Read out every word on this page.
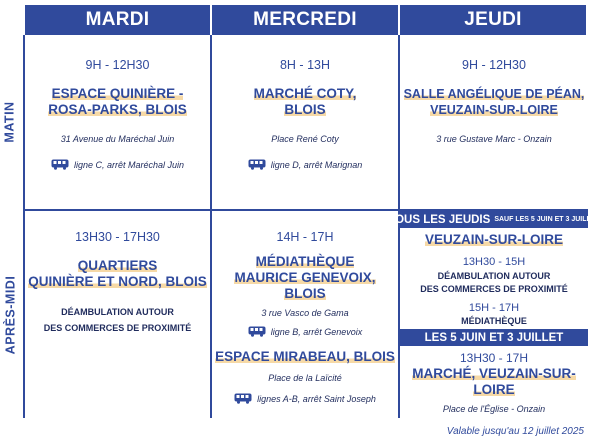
MARDI	MERCREDI	JEUDI
MATIN
APRÈS-MIDI
9H - 12H30
ESPACE QUINIÈRE -
ROSA-PARKS, BLOIS
31 Avenue du Maréchal Juin
ligne C, arrêt Maréchal Juin
8H - 13H
MARCHÉ COTY,
BLOIS
Place René Coty
ligne D, arrêt Marignan
9H - 12H30
SALLE ANGÉLIQUE DE PÉAN,
VEUZAIN-SUR-LOIRE
3 rue Gustave Marc - Onzain
13H30 - 17H30
QUARTIERS
QUINIÈRE ET NORD, BLOIS
DÉAMBULATION AUTOUR
DES COMMERCES DE PROXIMITÉ
14H - 17H
MÉDIATHÈQUE
MAURICE GENEVOIX, BLOIS
3 rue Vasco de Gama
ligne B, arrêt Genevoix
ESPACE MIRABEAU, BLOIS
Place de la Laïcité
lignes A-B, arrêt Saint Joseph
TOUS LES JEUDIS SAUF LES 5 JUIN ET 3 JUILLET
VEUZAIN-SUR-LOIRE
13H30 - 15H
DÉAMBULATION AUTOUR
DES COMMERCES DE PROXIMITÉ
15H - 17H
MÉDIATHÈQUE
LES 5 JUIN ET 3 JUILLET
13H30 - 17H
MARCHÉ, VEUZAIN-SUR-LOIRE
Place de l'Église - Onzain
Valable jusqu'au 12 juillet 2025
